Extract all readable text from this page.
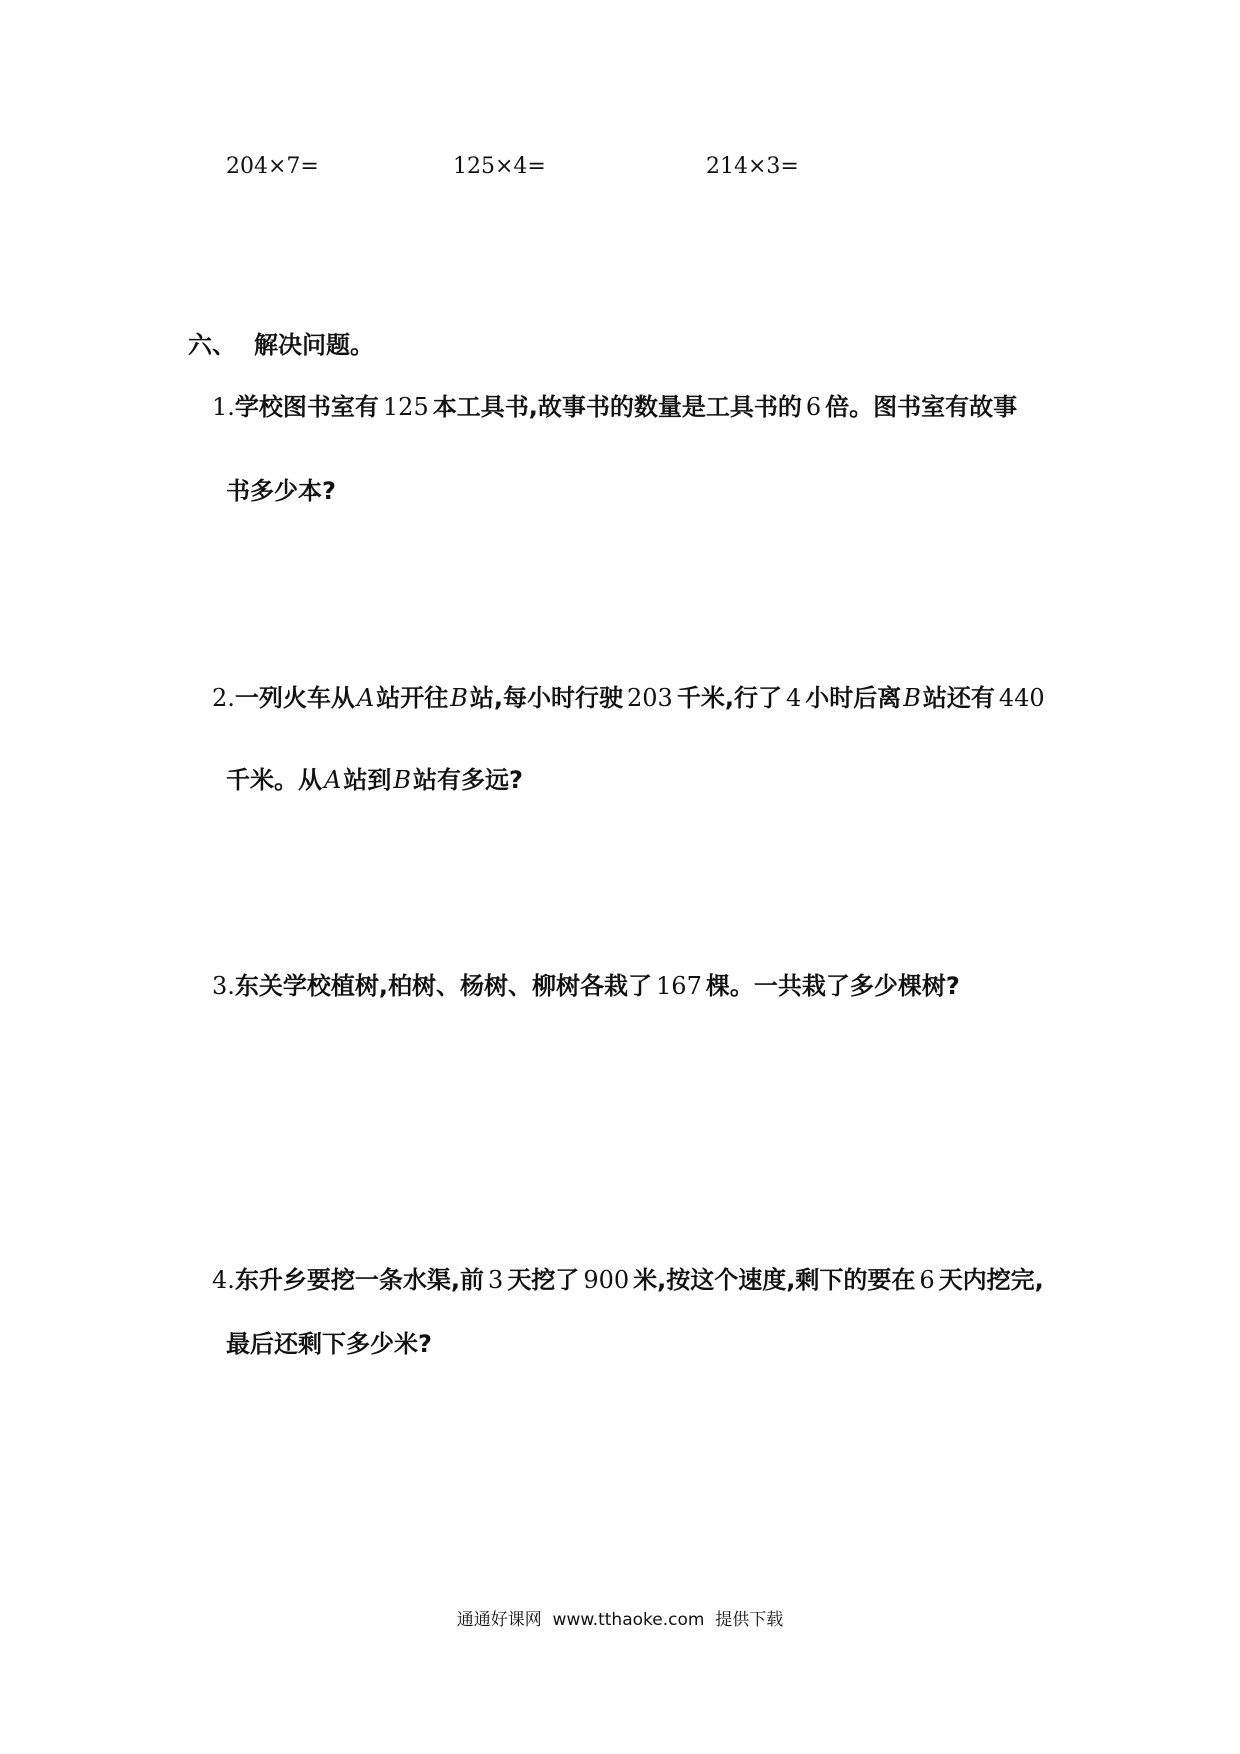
204×7=	125×4=	214×3=
六、 解决问题。
1.学校图书室有 125 本工具书,故事书的数量是工具书的 6 倍。图书室有故事
书多少本?
2.一列火车从A站开往B站,每小时行驶 203 千米,行了 4 小时后离B站还有 440
千米。从A站到B站有多远?
3.东关学校植树,柏树、杨树、柳树各栽了 167 棵。一共栽了多少棵树?
4.东升乡要挖一条水渠,前 3 天挖了 900 米,按这个速度,剩下的要在 6 天内挖完,
最后还剩下多少米?
通通好课网  www.tthaoke.com  提供下载
